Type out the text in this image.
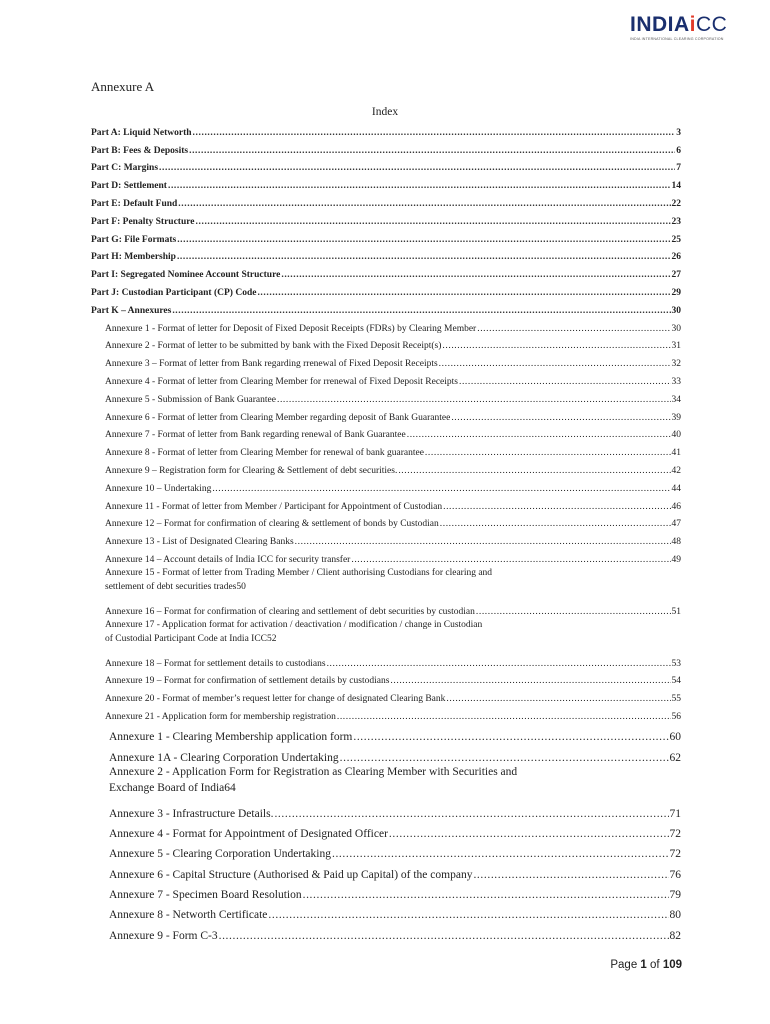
INDIAiCC
INDIA INTERNATIONAL CLEARING CORPORATION
Annexure A
Index
Part A: Liquid Networth .....	3
Part B: Fees & Deposits .....	6
Part C: Margins .....	7
Part D: Settlement .....	14
Part E: Default Fund .....	22
Part F: Penalty Structure .....	23
Part G: File Formats .....	25
Part H: Membership .....	26
Part I: Segregated Nominee Account Structure .....	27
Part J: Custodian Participant (CP) Code .....	29
Part K – Annexures .....	30
Annexure 1 - Format of letter for Deposit of Fixed Deposit Receipts (FDRs) by Clearing Member .....	30
Annexure 2 - Format of letter to be submitted by bank with the Fixed Deposit Receipt(s) .....	31
Annexure 3 – Format of letter from Bank regarding rrenewal of Fixed Deposit Receipts .....	32
Annexure 4 - Format of letter from Clearing Member for rrenewal of Fixed Deposit Receipts .....	33
Annexure 5 - Submission of Bank Guarantee .....	34
Annexure 6 - Format of letter from Clearing Member regarding deposit of Bank Guarantee .....	39
Annexure 7 - Format of letter from Bank regarding renewal of Bank Guarantee .....	40
Annexure 8 - Format of letter from Clearing Member for renewal of bank guarantee .....	41
Annexure 9 – Registration form for Clearing & Settlement of debt securities. .....	42
Annexure 10 – Undertaking .....	44
Annexure 11 - Format of letter from Member / Participant for Appointment of Custodian .....	46
Annexure 12 – Format for confirmation of clearing & settlement of bonds by Custodian .....	47
Annexure 13 - List of Designated Clearing Banks .....	48
Annexure 14 – Account details of India ICC for security transfer .....	49
Annexure 15 - Format of letter from Trading Member / Client authorising Custodians for clearing and
settlement of debt securities trades 50
Annexure 16 – Format for confirmation of clearing and settlement of debt securities by custodian .....	51
Annexure 17 - Application format for activation / deactivation / modification / change in Custodian
of Custodial Participant Code at India ICC 52
Annexure 18 – Format for settlement details to custodians .....	53
Annexure 19 – Format for confirmation of settlement details by custodians .....	54
Annexure 20 - Format of member’s request letter for change of designated Clearing Bank .....	55
Annexure 21 - Application form for membership registration .....	56
Annexure 1 - Clearing Membership application form .....	60
Annexure 1A - Clearing Corporation Undertaking .....	62
Annexure 2 - Application Form for Registration as Clearing Member with Securities and
Exchange Board of India 64
Annexure 3 - Infrastructure Details. .....	71
Annexure 4 - Format for Appointment of Designated Officer .....	72
Annexure 5 - Clearing Corporation Undertaking .....	72
Annexure 6 - Capital Structure (Authorised & Paid up Capital) of the company .....	76
Annexure 7 - Specimen Board Resolution .....	79
Annexure 8 - Networth Certificate .....	80
Annexure 9 - Form C-3 .....	82
Page 1 of 109
